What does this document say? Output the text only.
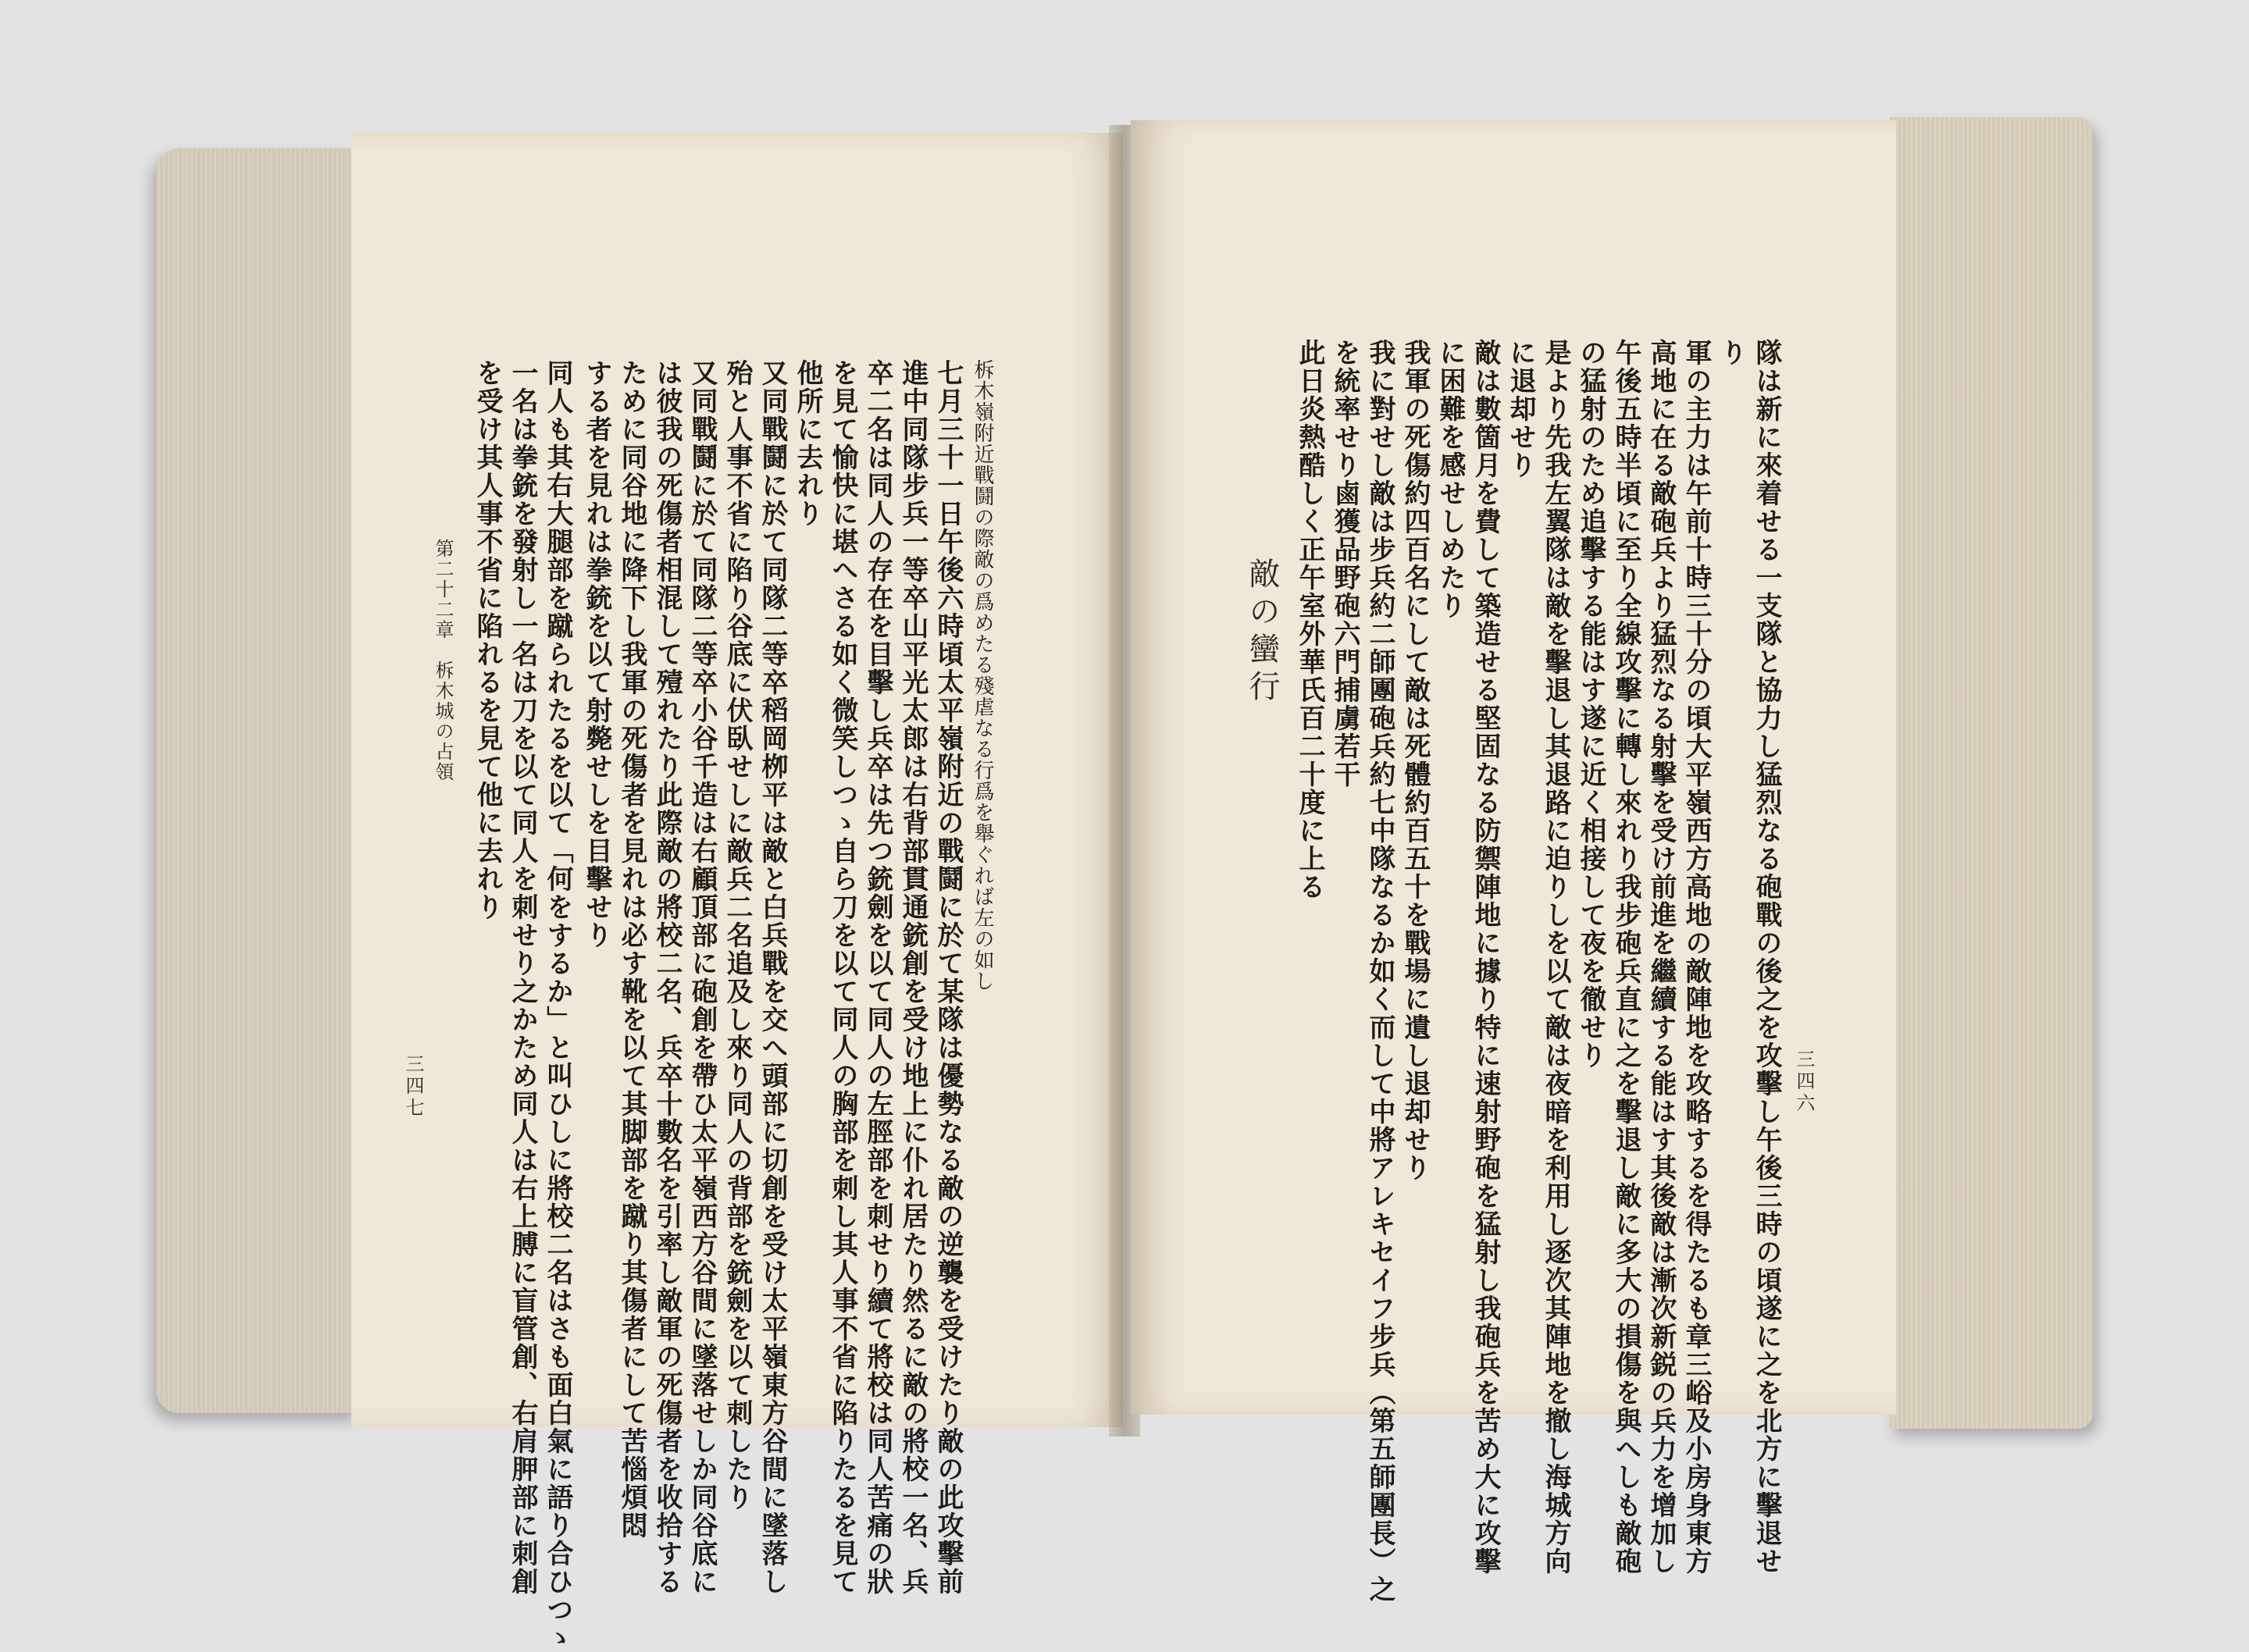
三四七
第二十二章　柝木城の占領 を受け其人事不省に陷れるを見て他に去れり 一名は拳銃を發射し一名は刀を以て同人を刺せり之かため同人は右上膊に盲管創、右肩胛部に刺創 同人も其右大腿部を蹴られたるを以て「何をするか」と叫ひしに將校二名はさも面白氣に語り合ひつゝ する者を見れは拳銃を以て射斃せしを目擊せり ために同谷地に降下し我軍の死傷者を見れは必す靴を以て其脚部を蹴り其傷者にして苦惱煩悶 は彼我の死傷者相混して殪れたり此際敵の將校二名、兵卒十數名を引率し敵軍の死傷者を收拾する 又同戰鬪に於て同隊二等卒小谷千造は右顧頂部に砲創を帶ひ太平嶺西方谷間に墜落せしか同谷底に 殆と人事不省に陷り谷底に伏臥せしに敵兵二名追及し來り同人の背部を銃劍を以て刺したり 又同戰鬪に於て同隊二等卒稻岡栁平は敵と白兵戰を交へ頭部に切創を受け太平嶺東方谷間に墜落し 他所に去れり を見て愉快に堪へさる如く微笑しつゝ自ら刀を以て同人の胸部を刺し其人事不省に陷りたるを見て 卒二名は同人の存在を目擊し兵卒は先つ銃劍を以て同人の左脛部を刺せり續て將校は同人苦痛の狀 進中同隊步兵一等卒山平光太郎は右背部貫通銃創を受け地上に仆れ居たり然るに敵の將校一名、兵 七月三十一日午後六時頃太平嶺附近の戰鬪に於て某隊は優勢なる敵の逆襲を受けたり敵の此攻擊前 柝木嶺附近戰鬪の際敵の爲めたる殘虐なる行爲を舉ぐれば左の如し
三四六
隊は新に來着せる一支隊と協力し猛烈なる砲戰の後之を攻擊し午後三時の頃遂に之を北方に擊退せ
り
軍の主力は午前十時三十分の頃大平嶺西方高地の敵陣地を攻略するを得たるも章三峪及小房身東方
高地に在る敵砲兵より猛烈なる射擊を受け前進を繼續する能はす其後敵は漸次新鋭の兵力を增加し
午後五時半頃に至り全線攻擊に轉し來れり我步砲兵直に之を擊退し敵に多大の損傷を與へしも敵砲
の猛射のため追擊する能はす遂に近く相接して夜を徹せり
是より先我左翼隊は敵を擊退し其退路に迫りしを以て敵は夜暗を利用し逐次其陣地を撤し海城方向
に退却せり
敵は數箇月を費して築造せる堅固なる防禦陣地に據り特に速射野砲を猛射し我砲兵を苦め大に攻擊
に困難を感せしめたり
我軍の死傷約四百名にして敵は死體約百五十を戰場に遺し退却せり
我に對せし敵は步兵約二師團砲兵約七中隊なるか如く而して中將アレキセイフ步兵（第五師團長）之
を統率せり鹵獲品野砲六門捕虜若干
此日炎熱酷しく正午室外華氏百二十度に上る
敵の蠻行
